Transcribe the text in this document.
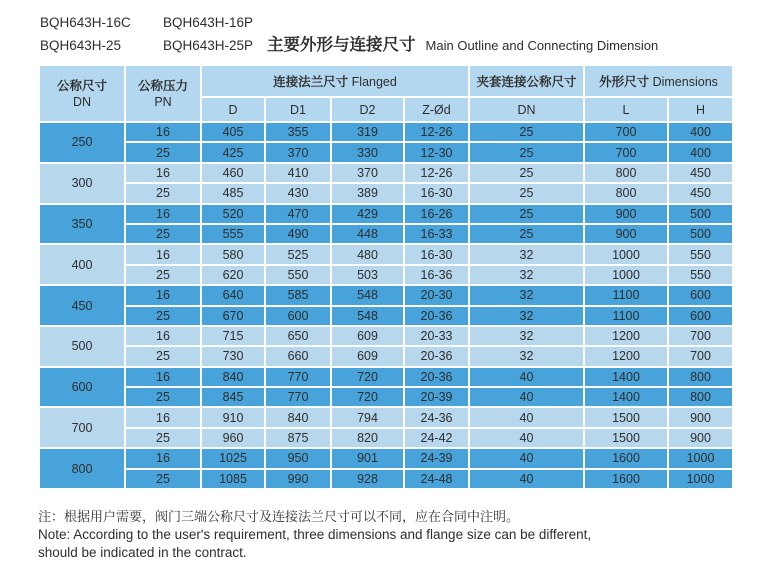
BQH643H-16C BQH643H-16P
BQH643H-25	BQH643H-25P 主要外形与连接尺寸 Main Outline and Connecting Dimension
公称尺寸
DN

公称压力
PN
	连接法兰尺寸 Flanged	夹套连接公称尺寸	外形尺寸 Dimensions
		D	D1	D2	Z-Ød	DN	L	H
250	16	405	355	319	12-26	25	700	400
	25	425	370	330	12-30	25	700	400
300	16	460	410	370	12-26	25	800	450
	25	485	430	389	16-30	25	800	450
350	16	520	470	429	16-26	25	900	500
	25	555	490	448	16-33	25	900	500
400	16	580	525	480	16-30	32	1000	550
	25	620	550	503	16-36	32	1000	550
450	16	640	585	548	20-30	32	1100	600
	25	670	600	548	20-36	32	1100	600
500	16	715	650	609	20-33	32	1200	700
	25	730	660	609	20-36	32	1200	700
600	16	840	770	720	20-36	40	1400	800
	25	845	770	720	20-39	40	1400	800
700	16	910	840	794	24-36	40	1500	900
	25	960	875	820	24-42	40	1500	900
800	16	1025	950	901	24-39	40	1600	1000
	25	1085	990	928	24-48	40	1600	1000
注：根据用户需要，阀门三端公称尺寸及连接法兰尺寸可以不同，应在合同中注明。
Note: According to the user's requirement, three dimensions and flange size can be different,
should be indicated in the contract.
